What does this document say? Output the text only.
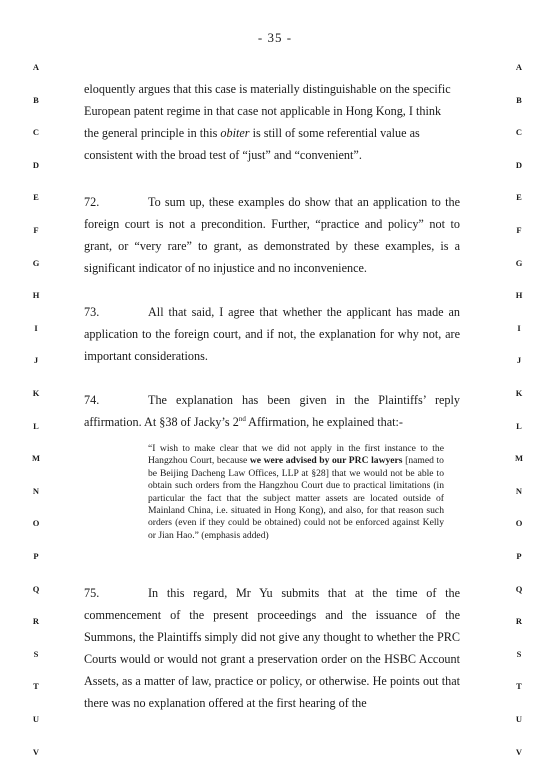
- 35 -
A
B
C
D
E
F
G
H
I
J
K
L
M
N
O
P
Q
R
S
T
U
V
A
B
C
D
E
F
G
H
I
J
K
L
M
N
O
P
Q
R
S
T
U
V
eloquently argues that this case is materially distinguishable on the specific
European patent regime in that case not applicable in Hong Kong, I think
the general principle in this obiter is still of some referential value as
consistent with the broad test of “just” and “convenient”.
72.	To sum up, these examples do show that an application to the foreign court is not a precondition. Further, “practice and policy” not to grant, or “very rare” to grant, as demonstrated by these examples, is a significant indicator of no injustice and no inconvenience.
73.	All that said, I agree that whether the applicant has made an application to the foreign court, and if not, the explanation for why not, are important considerations.
74.	The explanation has been given in the Plaintiffs’ reply affirmation. At §38 of Jacky’s 2nd Affirmation, he explained that:-
“I wish to make clear that we did not apply in the first instance to the Hangzhou Court, because we were advised by our PRC lawyers [named to be Beijing Dacheng Law Offices, LLP at §28] that we would not be able to obtain such orders from the Hangzhou Court due to practical limitations (in particular the fact that the subject matter assets are located outside of Mainland China, i.e. situated in Hong Kong), and also, for that reason such orders (even if they could be obtained) could not be enforced against Kelly or Jian Hao.” (emphasis added)
75.	In this regard, Mr Yu submits that at the time of the commencement of the present proceedings and the issuance of the Summons, the Plaintiffs simply did not give any thought to whether the PRC Courts would or would not grant a preservation order on the HSBC Account Assets, as a matter of law, practice or policy, or otherwise. He points out that there was no explanation offered at the first hearing of the
